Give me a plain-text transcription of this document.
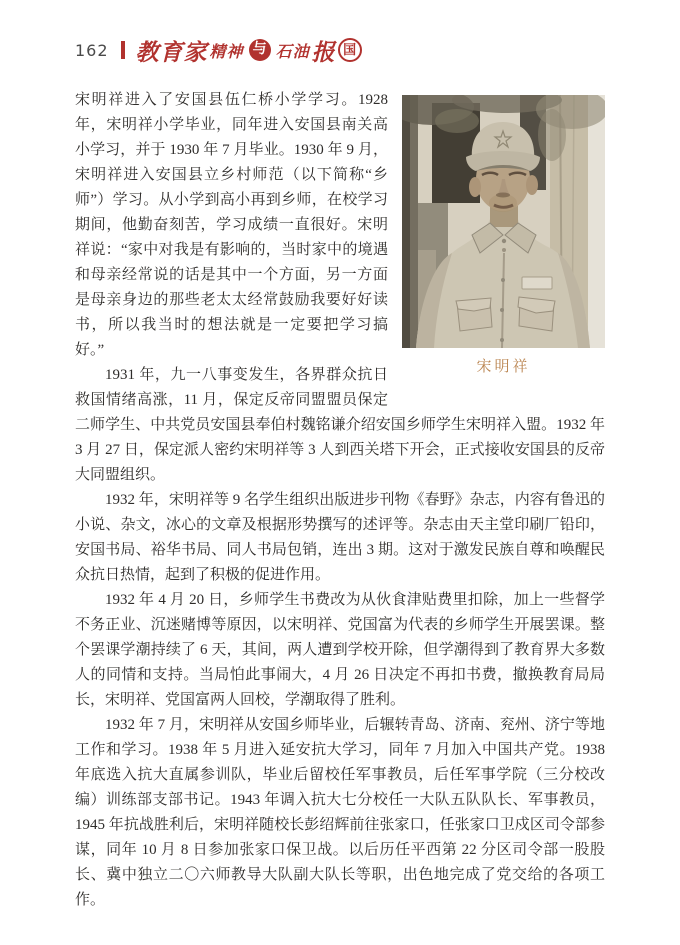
162 教育家 精神 与 石油 报 国
宋明祥

宋明祥进入了安国县伍仁桥小学学习。1928 年，宋明祥小学毕业，同年进入安国县南关高小学习，并于 1930 年 7 月毕业。1930 年 9 月，宋明祥进入安国县立乡村师范（以下简称“乡师”）学习。从小学到高小再到乡师，在校学习期间，他勤奋刻苦，学习成绩一直很好。宋明祥说：“家中对我是有影响的，当时家中的境遇和母亲经常说的话是其中一个方面，另一方面是母亲身边的那些老太太经常鼓励我要好好读书，所以我当时的想法就是一定要把学习搞好。”

1931 年，九一八事变发生，各界群众抗日救国情绪高涨，11 月，保定反帝同盟盟员保定二师学生、中共党员安国县奉伯村魏铭谦介绍安国乡师学生宋明祥入盟。1932 年 3 月 27 日，保定派人密约宋明祥等 3 人到西关塔下开会，正式接收安国县的反帝大同盟组织。

1932 年，宋明祥等 9 名学生组织出版进步刊物《春野》杂志，内容有鲁迅的小说、杂文，冰心的文章及根据形势撰写的述评等。杂志由天主堂印刷厂铅印，安国书局、裕华书局、同人书局包销，连出 3 期。这对于激发民族自尊和唤醒民众抗日热情，起到了积极的促进作用。

1932 年 4 月 20 日，乡师学生书费改为从伙食津贴费里扣除，加上一些督学不务正业、沉迷赌博等原因，以宋明祥、党国富为代表的乡师学生开展罢课。整个罢课学潮持续了 6 天，其间，两人遭到学校开除，但学潮得到了教育界大多数人的同情和支持。当局怕此事闹大，4 月 26 日决定不再扣书费，撤换教育局局长，宋明祥、党国富两人回校，学潮取得了胜利。

1932 年 7 月，宋明祥从安国乡师毕业，后辗转青岛、济南、兖州、济宁等地工作和学习。1938 年 5 月进入延安抗大学习，同年 7 月加入中国共产党。1938 年底选入抗大直属参训队，毕业后留校任军事教员，后任军事学院（三分校改编）训练部支部书记。1943 年调入抗大七分校任一大队五队队长、军事教员，1945 年抗战胜利后，宋明祥随校长彭绍辉前往张家口，任张家口卫戍区司令部参谋，同年 10 月 8 日参加张家口保卫战。以后历任平西第 22 分区司令部一股股长、冀中独立二〇六师教导大队副大队长等职，出色地完成了党交给的各项工作。
